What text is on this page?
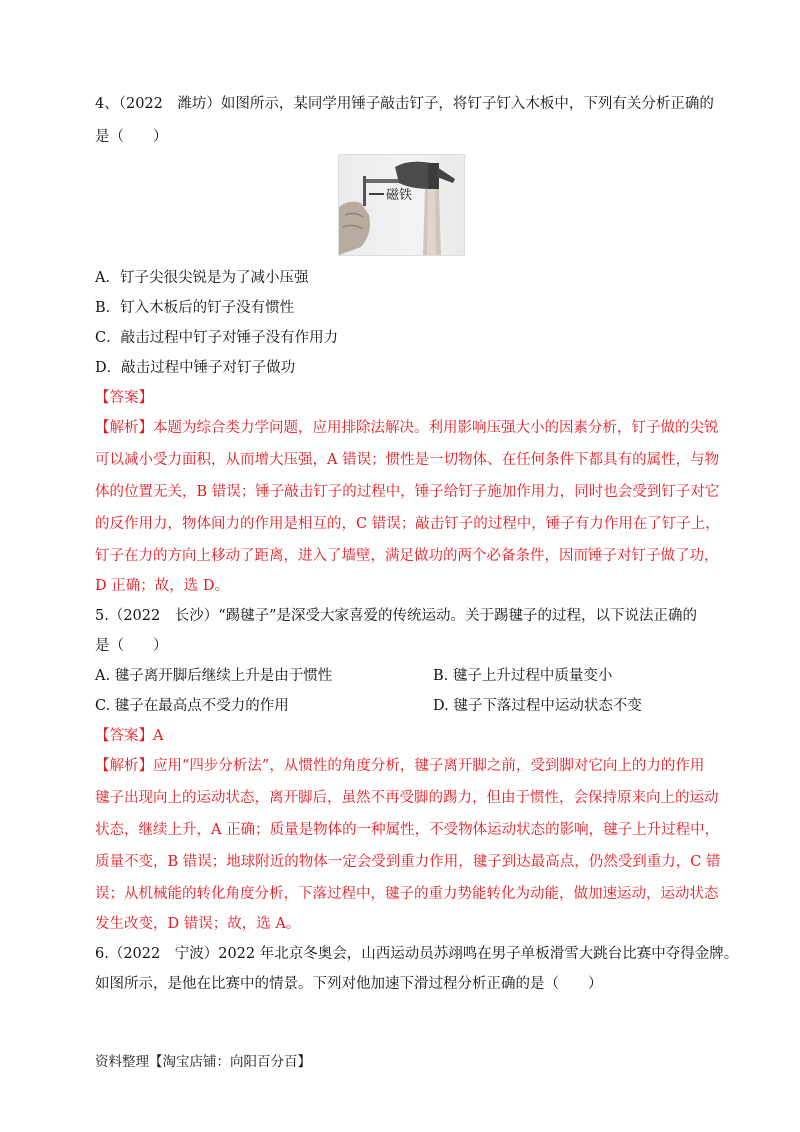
4、（2022　潍坊）如图所示，某同学用锤子敲击钉子，将钉子钉入木板中，下列有关分析正确的
是（　　）
磁铁
A．钉子尖很尖锐是为了减小压强
B．钉入木板后的钉子没有惯性
C．敲击过程中钉子对锤子没有作用力
D．敲击过程中锤子对钉子做功
【答案】
【解析】本题为综合类力学问题，应用排除法解决。利用影响压强大小的因素分析，钉子做的尖锐
可以减小受力面积，从而增大压强，A 错误；惯性是一切物体、在任何条件下都具有的属性，与物
体的位置无关，B 错误；锤子敲击钉子的过程中，锤子给钉子施加作用力，同时也会受到钉子对它
的反作用力，物体间力的作用是相互的，C 错误；敲击钉子的过程中，锤子有力作用在了钉子上，
钉子在力的方向上移动了距离，进入了墙壁，满足做功的两个必备条件，因而锤子对钉子做了功，
D 正确；故，选 D。
5.（2022　长沙）“踢毽子”是深受大家喜爱的传统运动。关于踢毽子的过程，以下说法正确的
是（　　）
A. 毽子离开脚后继续上升是由于惯性	B. 毽子上升过程中质量变小
C. 毽子在最高点不受力的作用	D. 毽子下落过程中运动状态不变
【答案】A
【解析】应用“四步分析法”，从惯性的角度分析，毽子离开脚之前，受到脚对它向上的力的作用
毽子出现向上的运动状态，离开脚后，虽然不再受脚的踢力，但由于惯性，会保持原来向上的运动
状态，继续上升，A 正确；质量是物体的一种属性，不受物体运动状态的影响，毽子上升过程中，
质量不变，B 错误；地球附近的物体一定会受到重力作用，毽子到达最高点，仍然受到重力，C 错
误；从机械能的转化角度分析，下落过程中，毽子的重力势能转化为动能，做加速运动，运动状态
发生改变，D 错误；故，选 A。
6.（2022　宁波）2022 年北京冬奥会，山西运动员苏翊鸣在男子单板滑雪大跳台比赛中夺得金牌。
如图所示，是他在比赛中的情景。下列对他加速下滑过程分析正确的是（　　）
资料整理【淘宝店铺：向阳百分百】
